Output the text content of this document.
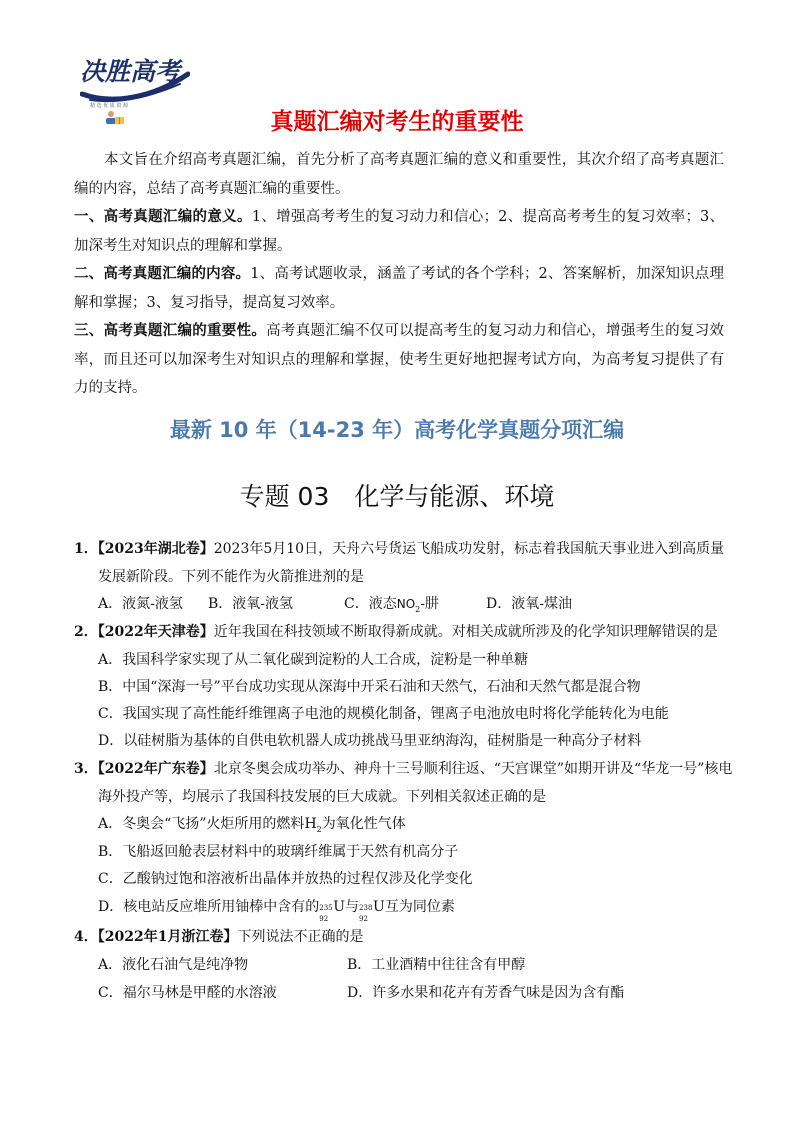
决胜高考
精 选 优 质 资 源
真题汇编对考生的重要性
本文旨在介绍高考真题汇编，首先分析了高考真题汇编的意义和重要性，其次介绍了高考真题汇编的内容，总结了高考真题汇编的重要性。
一、高考真题汇编的意义。1、增强高考考生的复习动力和信心；2、提高高考考生的复习效率；3、加深考生对知识点的理解和掌握。
二、高考真题汇编的内容。1、高考试题收录，涵盖了考试的各个学科；2、答案解析，加深知识点理解和掌握；3、复习指导，提高复习效率。
三、高考真题汇编的重要性。高考真题汇编不仅可以提高考生的复习动力和信心，增强考生的复习效率，而且还可以加深考生对知识点的理解和掌握，使考生更好地把握考试方向，为高考复习提供了有力的支持。
最新 10 年（14-23 年）高考化学真题分项汇编
专题 03　化学与能源、环境
1．【2023年湖北卷】2023年5月10日，天舟六号货运飞船成功发射，标志着我国航天事业进入到高质量
发展新阶段。下列不能作为火箭推进剂的是
A．液氮-液氢 B．液氧-液氢	C．液态$NO_2-$肼	D．液氧-煤油
2．【2022年天津卷】近年我国在科技领域不断取得新成就。对相关成就所涉及的化学知识理解错误的是
A．我国科学家实现了从二氧化碳到淀粉的人工合成，淀粉是一种单糖
B．中国“深海一号”平台成功实现从深海中开采石油和天然气，石油和天然气都是混合物
C．我国实现了高性能纤维锂离子电池的规模化制备，锂离子电池放电时将化学能转化为电能
D．以硅树脂为基体的自供电软机器人成功挑战马里亚纳海沟，硅树脂是一种高分子材料
3．【2022年广东卷】北京冬奥会成功举办、神舟十三号顺利往返、“天宫课堂”如期开讲及“华龙一号”核电
海外投产等，均展示了我国科技发展的巨大成就。下列相关叙述正确的是
A．冬奥会“飞扬”火炬所用的燃料$H_2$为氧化性气体
B．飞船返回舱表层材料中的玻璃纤维属于天然有机高分子
C．乙酸钠过饱和溶液析出晶体并放热的过程仅涉及化学变化
D．核电站反应堆所用铀棒中含有的 235
92
U与 238
92
U互为同位素
4．【2022年1月浙江卷】下列说法不正确的是
A．液化石油气是纯净物	B．工业酒精中往往含有甲醇
C．福尔马林是甲醛的水溶液	D．许多水果和花卉有芳香气味是因为含有酯
